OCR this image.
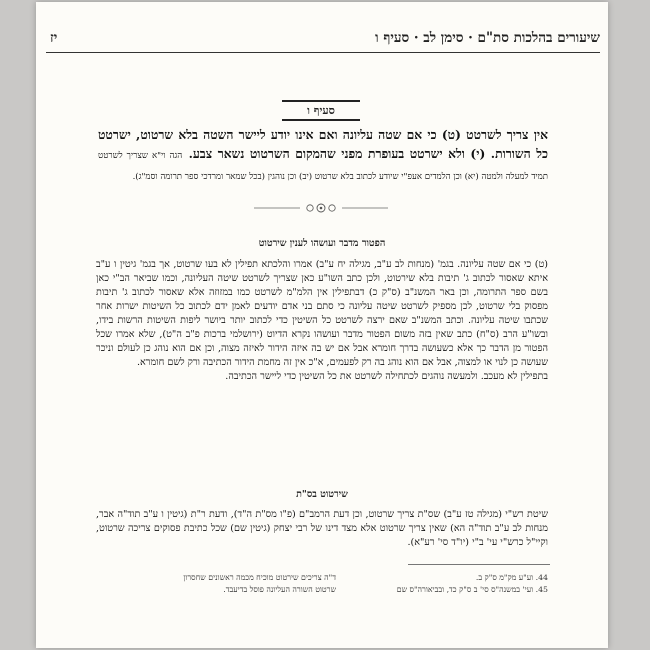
שיעורים בהלכות סת"ם · סימן לב · סעיף ו
יז
סעיף ו
אין צריך לשרטט (ט) כי אם שטה עליונה ואם אינו יודע ליישר השטה בלא שרטוט, ישרטט כל השורות. (י) ולא ישרטט בעופרת מפני שהמקום השרטוט נשאר צבע. הגה וי"א שצריך לשרטט תמיד למעלה ולמטה (יא) וכן הלמדים אעפ"י שיודע לכתוב בלא שרטוט (יב) וכן נוהגין (בכל שמאר ומרדכי ספר תרומה וסמ"ג).
הפטור מדבר ועושהו לענין שירטוט

(ט) כי אם שטה עליונה. בגמ' (מנחות לב ע"ב, מגילה יח ע"ב) אמרו והלכתא תפילין לא בעו שרטוט, אך בגמ' גיטין ו ע"ב איתא שאסור לכתוב ג' תיבות בלא שירטוט, ולכן כתב השו"ע כאן שצריך לשרטט שיטה העליונה, וכמו שביאר הב"י כאן בשם ספר התרומה, וכן באר המשנ"ב (ס"ק כ) דבתפילין אין הלמ"מ לשרטט כמו במזוזה אלא שאסור לכתוב ג' תיבות מפסוק בלי שרטוט, לכן מספיק לשרטט שיטה עליונה כי סתם בני אדם יודעים לאמן ידם לכתוב כל השיטות ישרות אחר שכתבו שיטה עליונה. וכתב המשנ"ב שאם ירצה לשרטט כל השיטין כדי לכתוב יותר ביושר ליפות השיטות הרשות בידו, ובשו"ע הרב (ס"ח) כתב שאין בזה משום הפטור מדבר ועושהו נקרא הדיוט (ירושלמי ברכות פ"ב ה"ט), שלא אמרו שכל הפטור מן הדבר כך אלא כשעושה בדרך חומרא אבל אם יש בה איזה הידור לאיזה מצוה, וכן אם הוא נוהג כן לעולם וניכר שעושה כן לנוי או למצוה, אבל אם הוא נוהג בה רק לפעמים, א"כ אין זה מחמת הידור הכתיבה ורק לשם חומרא.

בתפילין לא מעכב. ולמעשה נוהגים לכתחילה לשרטט את כל השיטין כדי ליישר הכתיבה.

שירטוט בס"ת

שיטת רש"י (מגילה טז ע"ב) שס"ת צריך שרטוט, וכן דעת הרמב"ם (פ"ו מס"ת ה"ד), ודעת ר"ת (גיטין ו ע"ב תוד"ה אבר, מנחות לב ע"ב תוד"ה הא) שאין צריך שרטוט אלא מצד דינו של רבי יצחק (גיטין שם) שכל כתיבת פסוקים צריכה שרטוט, וקיי"ל כרש"י עי' ב"י (יו"ד סי' רע"א).

44. וע"ע מק"מ ס"ק ב.
45. ועי' במשנה"ס סי' ב ס"ק כד, ובביאורה"ס שם
ד"ה צריכים שירטוט מוכיח מכמה ראשונים שחסרון
שרטוט השורה העליונה פוסל בדיעבד.
